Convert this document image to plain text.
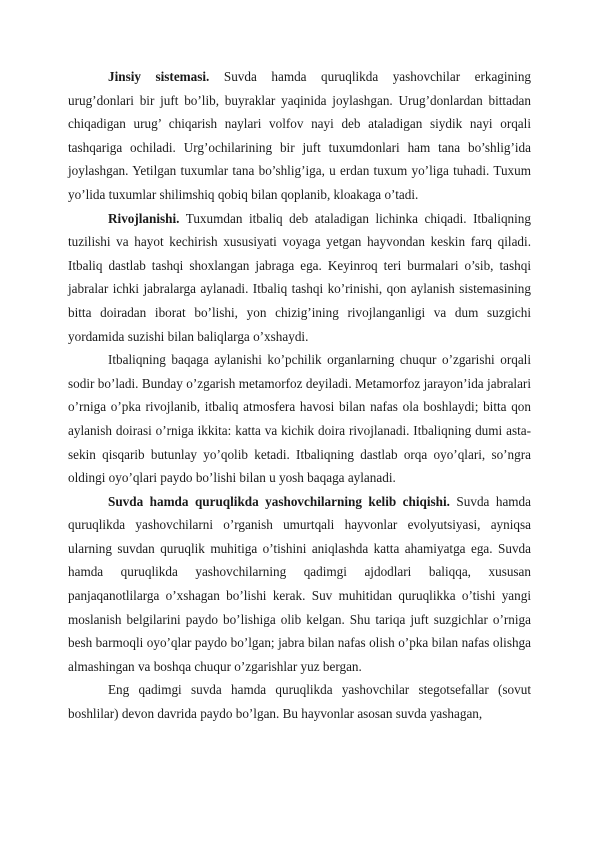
Jinsiy sistemasi. Suvda hamda quruqlikda yashovchilar erkagining urug’donlari bir juft bo’lib, buyraklar yaqinida joylashgan. Urug’donlardan bittadan chiqadigan urug’ chiqarish naylari volfov nayi deb ataladigan siydik nayi orqali tashqariga ochiladi. Urg’ochilarining bir juft tuxumdonlari ham tana bo’shlig’ida joylashgan. Yetilgan tuxumlar tana bo’shlig’iga, u erdan tuxum yo’liga tuhadi. Tuxum yo’lida tuxumlar shilimshiq qobiq bilan qoplanib, kloakaga o’tadi.

Rivojlanishi. Tuxumdan itbaliq deb ataladigan lichinka chiqadi. Itbaliqning tuzilishi va hayot kechirish xususiyati voyaga yetgan hayvondan keskin farq qiladi. Itbaliq dastlab tashqi shoxlangan jabraga ega. Keyinroq teri burmalari o’sib, tashqi jabralar ichki jabralarga aylanadi. Itbaliq tashqi ko’rinishi, qon aylanish sistemasining bitta doiradan iborat bo’lishi, yon chizig’ining rivojlanganligi va dum suzgichi yordamida suzishi bilan baliqlarga o’xshaydi.

Itbaliqning baqaga aylanishi ko’pchilik organlarning chuqur o’zgarishi orqali sodir bo’ladi. Bunday o’zgarish metamorfoz deyiladi. Metamorfoz jarayon’ida jabralari o’rniga o’pka rivojlanib, itbaliq atmosfera havosi bilan nafas ola boshlaydi; bitta qon aylanish doirasi o’rniga ikkita: katta va kichik doira rivojlanadi. Itbaliqning dumi asta-sekin qisqarib butunlay yo’qolib ketadi. Itbaliqning dastlab orqa oyo’qlari, so’ngra oldingi oyo’qlari paydo bo’lishi bilan u yosh baqaga aylanadi.

Suvda hamda quruqlikda yashovchilarning kelib chiqishi. Suvda hamda quruqlikda yashovchilarni o’rganish umurtqali hayvonlar evolyutsiyasi, ayniqsa ularning suvdan quruqlik muhitiga o’tishini aniqlashda katta ahamiyatga ega. Suvda hamda quruqlikda yashovchilarning qadimgi ajdodlari baliqqa, xususan panjaqanotlilarga o’xshagan bo’lishi kerak. Suv muhitidan quruqlikka o’tishi yangi moslanish belgilarini paydo bo’lishiga olib kelgan. Shu tariqa juft suzgichlar o’rniga besh barmoqli oyo’qlar paydo bo’lgan; jabra bilan nafas olish o’pka bilan nafas olishga almashingan va boshqa chuqur o’zgarishlar yuz bergan.

Eng qadimgi suvda hamda quruqlikda yashovchilar stegotsefallar (sovut boshlilar) devon davrida paydo bo’lgan. Bu hayvonlar asosan suvda yashagan,
